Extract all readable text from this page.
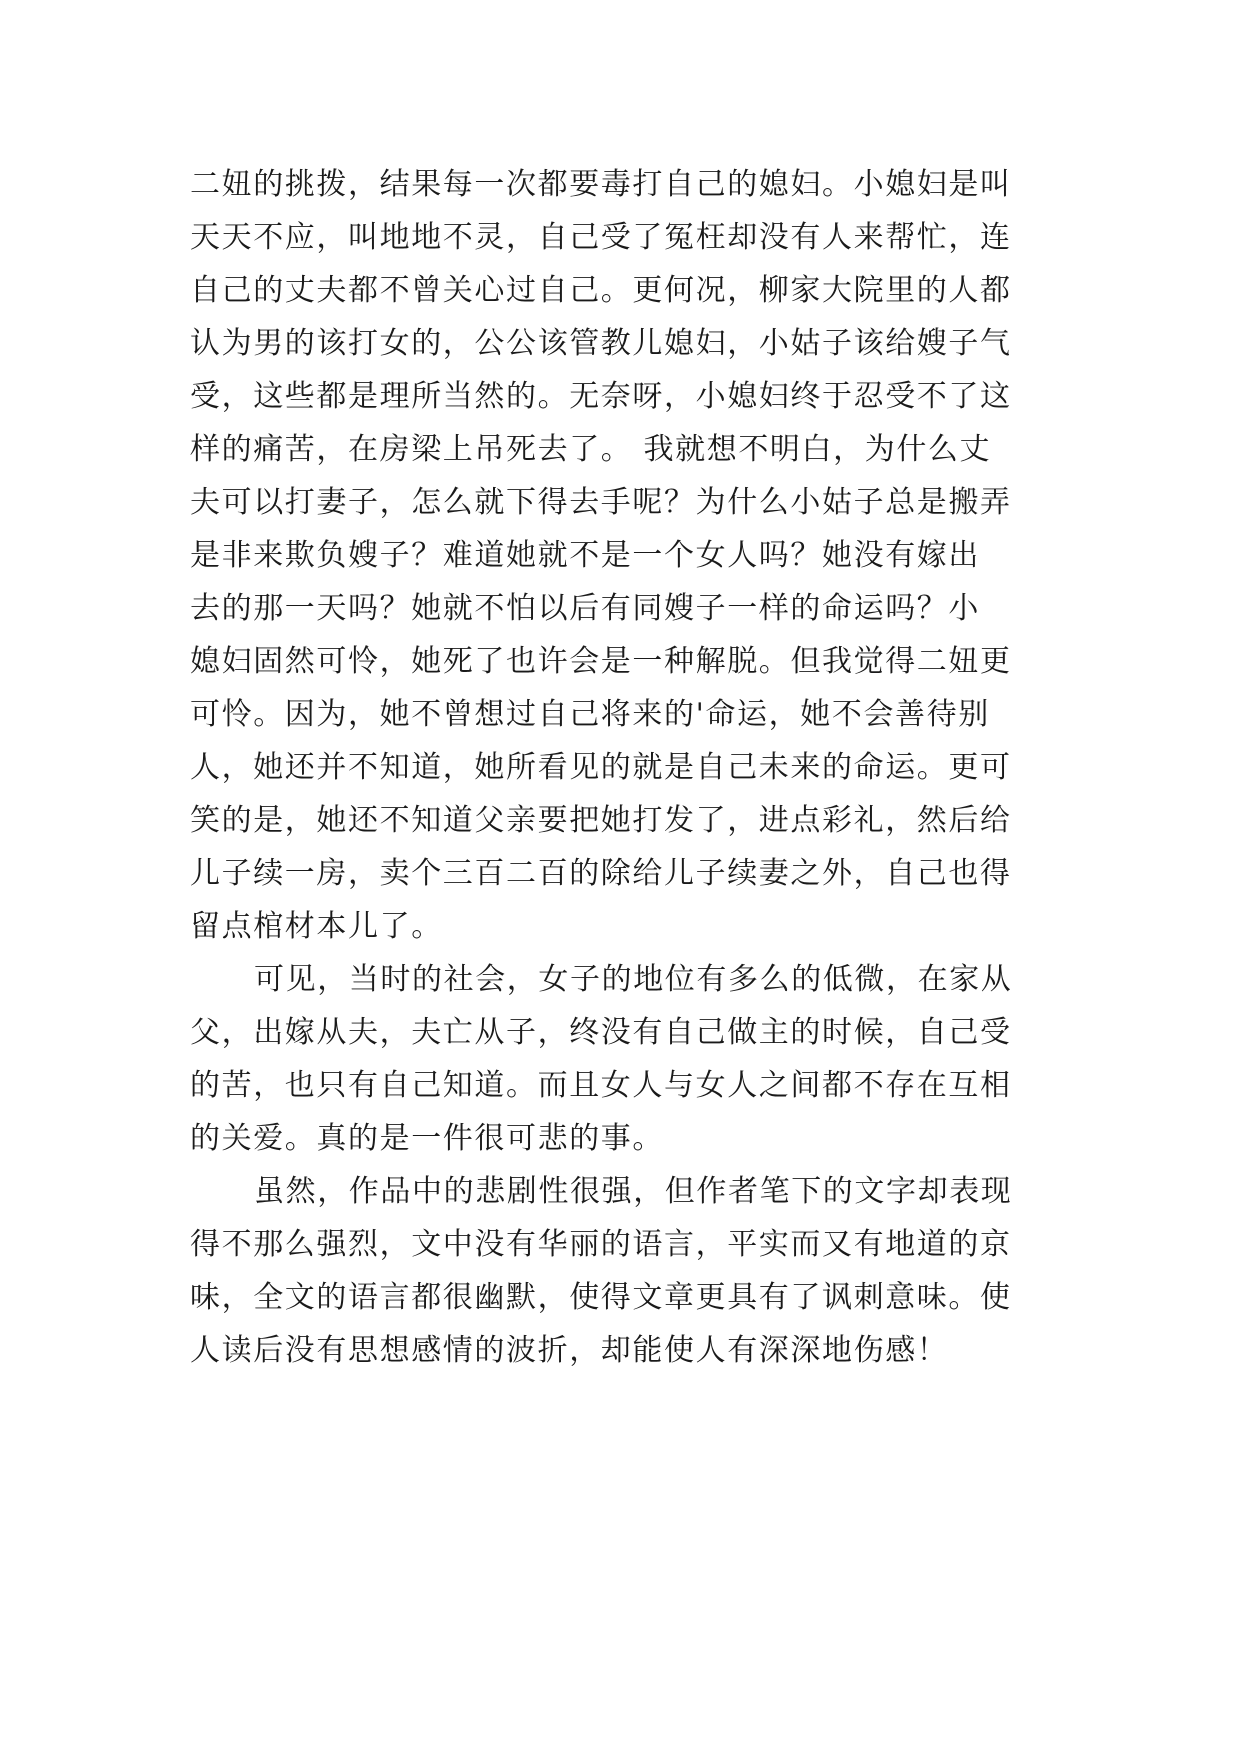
二妞的挑拨，结果每一次都要毒打自己的媳妇。小媳妇是叫
天天不应，叫地地不灵，自己受了冤枉却没有人来帮忙，连
自己的丈夫都不曾关心过自己。更何况，柳家大院里的人都
认为男的该打女的，公公该管教儿媳妇，小姑子该给嫂子气
受，这些都是理所当然的。无奈呀，小媳妇终于忍受不了这
样的痛苦，在房梁上吊死去了。 我就想不明白，为什么丈
夫可以打妻子，怎么就下得去手呢？为什么小姑子总是搬弄
是非来欺负嫂子？难道她就不是一个女人吗？她没有嫁出
去的那一天吗？她就不怕以后有同嫂子一样的命运吗？小
媳妇固然可怜，她死了也许会是一种解脱。但我觉得二妞更
可怜。因为，她不曾想过自己将来的'命运，她不会善待别
人，她还并不知道，她所看见的就是自己未来的命运。更可
笑的是，她还不知道父亲要把她打发了，进点彩礼，然后给
儿子续一房，卖个三百二百的除给儿子续妻之外，自己也得
留点棺材本儿了。
可见，当时的社会，女子的地位有多么的低微，在家从
父，出嫁从夫，夫亡从子，终没有自己做主的时候，自己受
的苦，也只有自己知道。而且女人与女人之间都不存在互相
的关爱。真的是一件很可悲的事。
虽然，作品中的悲剧性很强，但作者笔下的文字却表现
得不那么强烈，文中没有华丽的语言，平实而又有地道的京
味，全文的语言都很幽默，使得文章更具有了讽刺意味。使
人读后没有思想感情的波折，却能使人有深深地伤感！
